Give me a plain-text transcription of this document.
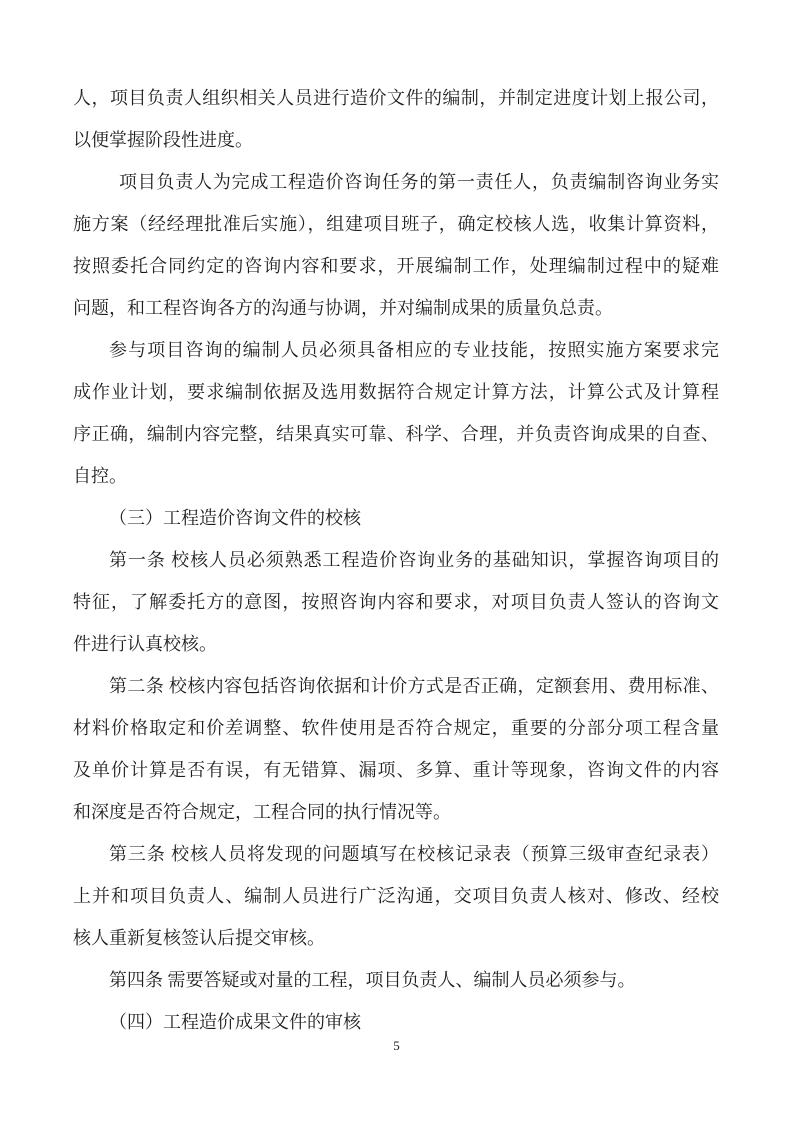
人，项目负责人组织相关人员进行造价文件的编制，并制定进度计划上报公司，
以便掌握阶段性进度。
项目负责人为完成工程造价咨询任务的第一责任人，负责编制咨询业务实
施方案（经经理批准后实施），组建项目班子，确定校核人选，收集计算资料，
按照委托合同约定的咨询内容和要求，开展编制工作，处理编制过程中的疑难
问题，和工程咨询各方的沟通与协调，并对编制成果的质量负总责。
参与项目咨询的编制人员必须具备相应的专业技能，按照实施方案要求完
成作业计划，要求编制依据及选用数据符合规定计算方法，计算公式及计算程
序正确，编制内容完整，结果真实可靠、科学、合理，并负责咨询成果的自查、
自控。
（三）工程造价咨询文件的校核
第一条 校核人员必须熟悉工程造价咨询业务的基础知识，掌握咨询项目的
特征，了解委托方的意图，按照咨询内容和要求，对项目负责人签认的咨询文
件进行认真校核。
第二条 校核内容包括咨询依据和计价方式是否正确，定额套用、费用标准、
材料价格取定和价差调整、软件使用是否符合规定，重要的分部分项工程含量
及单价计算是否有误，有无错算、漏项、多算、重计等现象，咨询文件的内容
和深度是否符合规定，工程合同的执行情况等。
第三条 校核人员将发现的问题填写在校核记录表（预算三级审查纪录表）
上并和项目负责人、编制人员进行广泛沟通，交项目负责人核对、修改、经校
核人重新复核签认后提交审核。
第四条 需要答疑或对量的工程，项目负责人、编制人员必须参与。
（四）工程造价成果文件的审核
5
